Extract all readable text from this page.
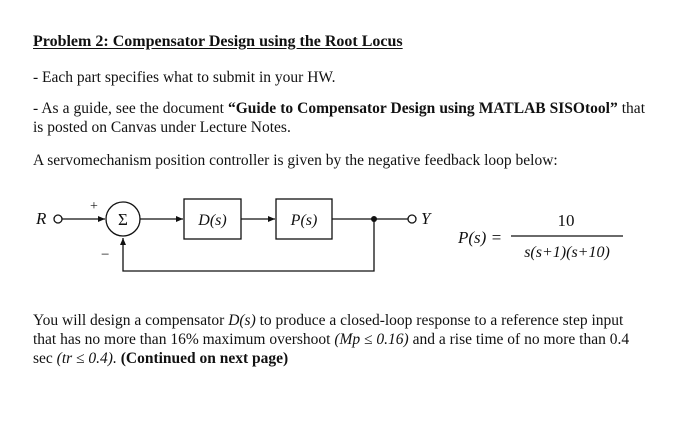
Problem 2: Compensator Design using the Root Locus
- Each part specifies what to submit in your HW.
- As a guide, see the document “Guide to Compensator Design using MATLAB SISOtool” that is posted on Canvas under Lecture Notes.
A servomechanism position controller is given by the negative feedback loop below:
R
+
Σ
−
D(s)	P(s)	Y
P(s) =
10
s(s+1)(s+10)
You will design a compensator D(s) to produce a closed-loop response to a reference step input that has no more than 16% maximum overshoot (Mp ≤ 0.16) and a rise time of no more than 0.4 sec (tr ≤ 0.4). (Continued on next page)
